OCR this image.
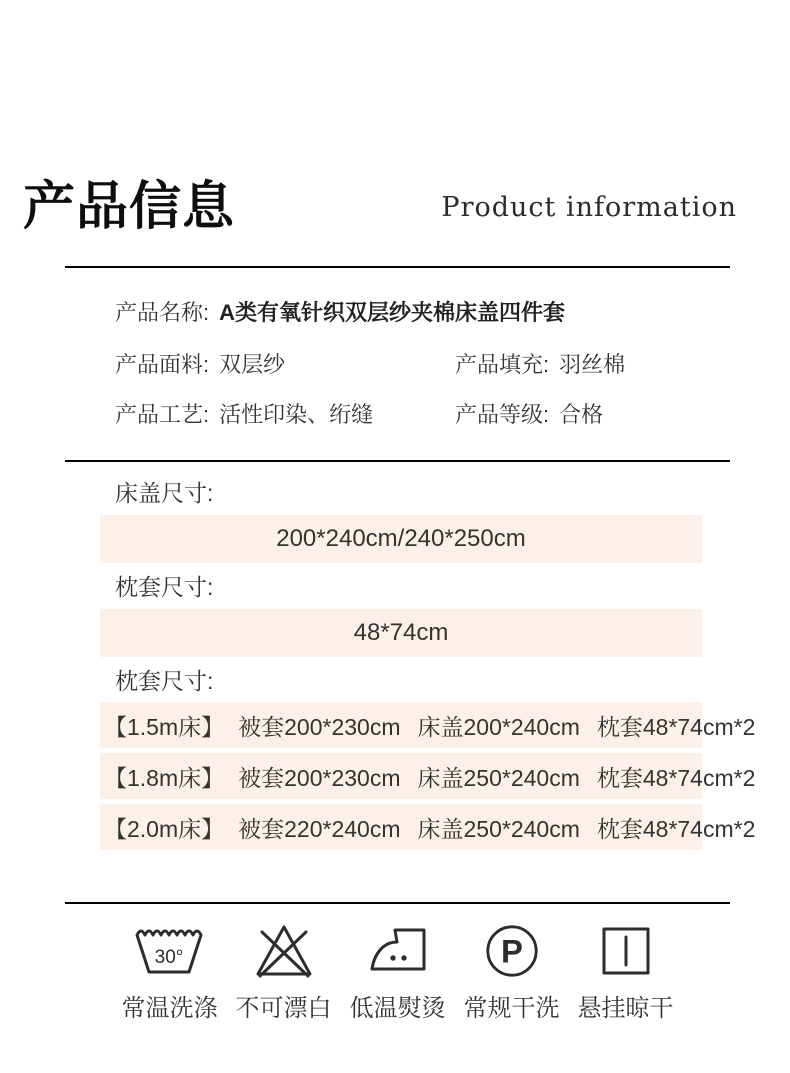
产品信息	Product information
产品名称: A类有氧针织双层纱夹棉床盖四件套
产品面料: 双层纱	产品填充: 羽丝棉
产品工艺: 活性印染、绗缝	产品等级: 合格
床盖尺寸:
200*240cm/240*250cm
枕套尺寸:
48*74cm
枕套尺寸:
【1.5m床】 被套200*230cm 床盖200*240cm 枕套48*74cm*2
【1.8m床】 被套200*230cm 床盖250*240cm 枕套48*74cm*2
【2.0m床】 被套220*240cm 床盖250*240cm 枕套48*74cm*2
30°
常温洗涤 不可漂白 低温熨烫
P
常规干洗 悬挂晾干
